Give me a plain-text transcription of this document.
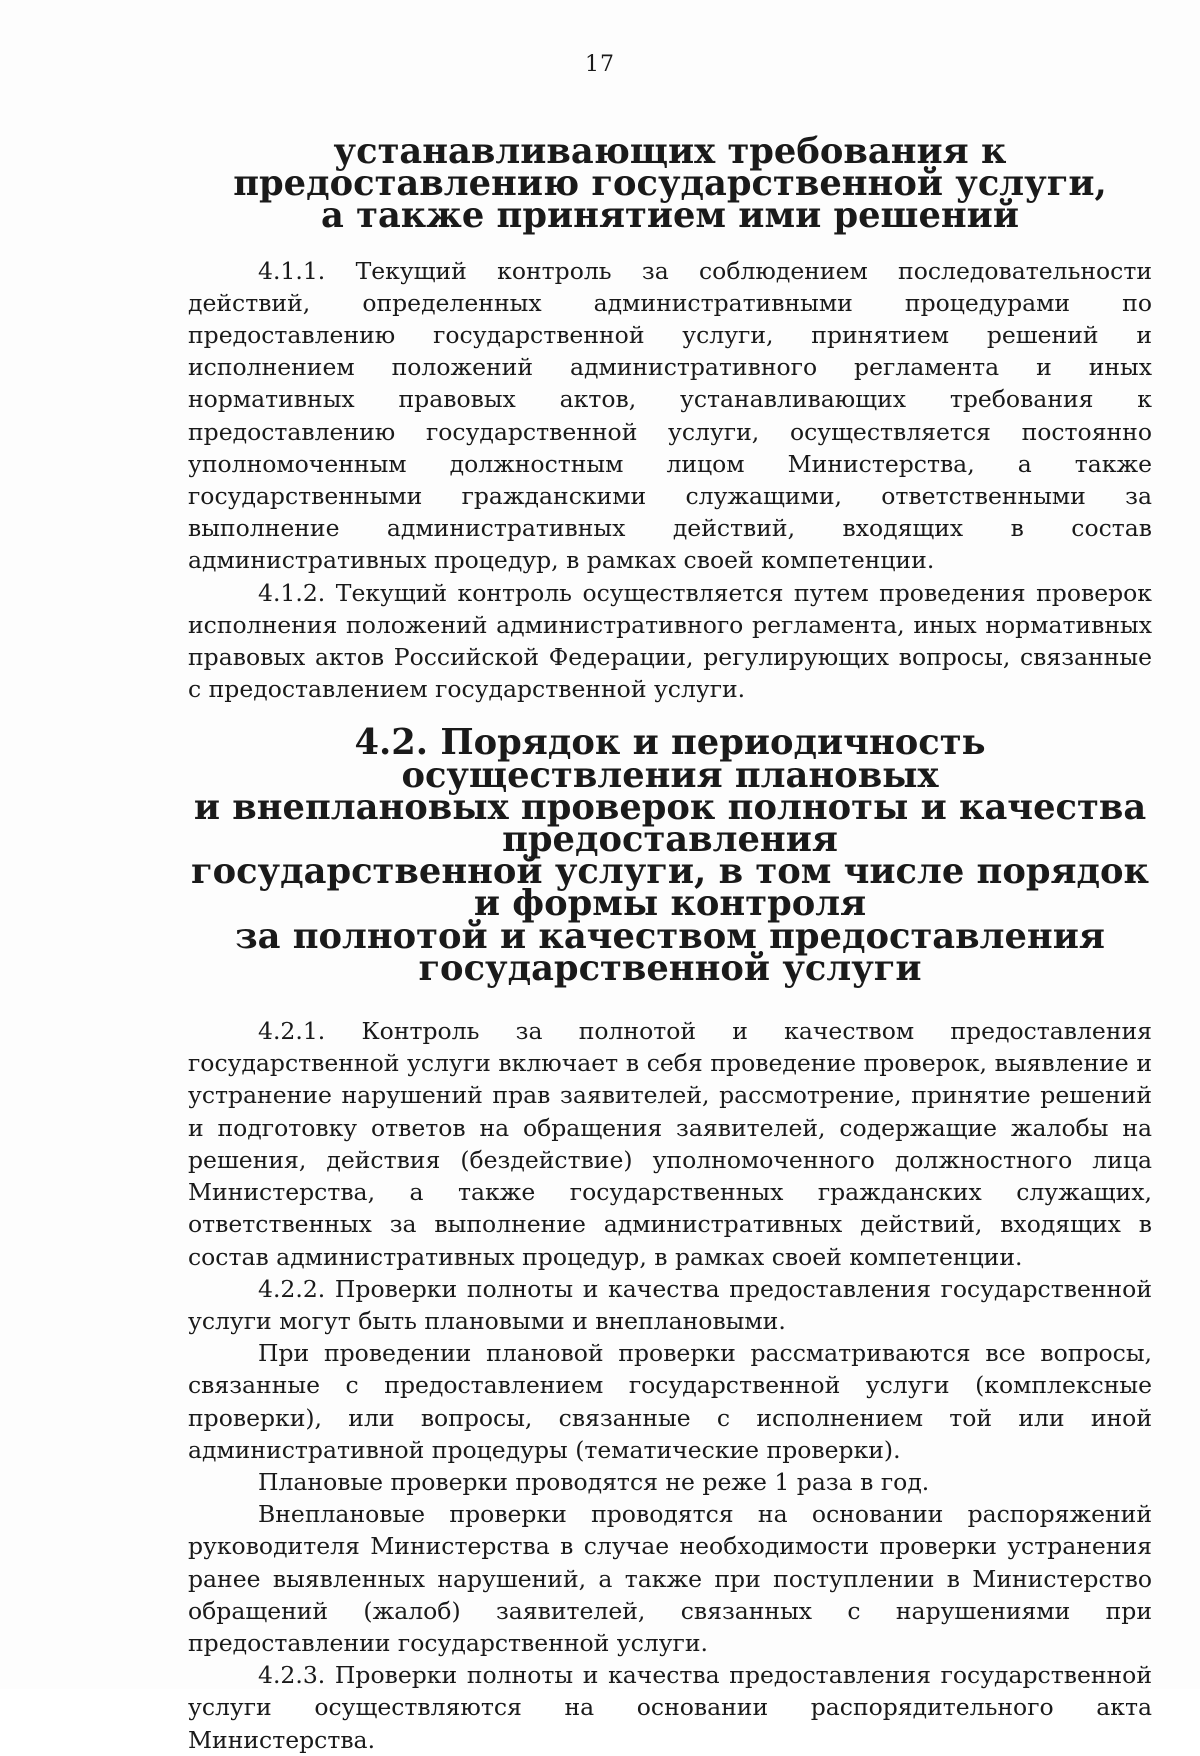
17
устанавливающих требования к предоставлению государственной услуги,
а также принятием ими решений

4.1.1. Текущий контроль за соблюдением последовательности действий, определенных административными процедурами по предоставлению государственной услуги, принятием решений и исполнением положений административного регламента и иных нормативных правовых актов, устанавливающих требования к предоставлению государственной услуги, осуществляется постоянно уполномоченным должностным лицом Министерства, а также государственными гражданскими служащими, ответственными за выполнение административных действий, входящих в состав административных процедур, в рамках своей компетенции.

4.1.2. Текущий контроль осуществляется путем проведения проверок исполнения положений административного регламента, иных нормативных правовых актов Российской Федерации, регулирующих вопросы, связанные с предоставлением государственной услуги.

4.2. Порядок и периодичность осуществления плановых
и внеплановых проверок полноты и качества предоставления
государственной услуги, в том числе порядок и формы контроля
за полнотой и качеством предоставления государственной услуги

4.2.1. Контроль за полнотой и качеством предоставления государственной услуги включает в себя проведение проверок, выявление и устранение нарушений прав заявителей, рассмотрение, принятие решений и подготовку ответов на обращения заявителей, содержащие жалобы на решения, действия (бездействие) уполномоченного должностного лица Министерства, а также государственных гражданских служащих, ответственных за выполнение административных действий, входящих в состав административных процедур, в рамках своей компетенции.

4.2.2. Проверки полноты и качества предоставления государственной услуги могут быть плановыми и внеплановыми.

При проведении плановой проверки рассматриваются все вопросы, связанные с предоставлением государственной услуги (комплексные проверки), или вопросы, связанные с исполнением той или иной административной процедуры (тематические проверки).

Плановые проверки проводятся не реже 1 раза в год.

Внеплановые проверки проводятся на основании распоряжений руководителя Министерства в случае необходимости проверки устранения ранее выявленных нарушений, а также при поступлении в Министерство обращений (жалоб) заявителей, связанных с нарушениями при предоставлении государственной услуги.

4.2.3. Проверки полноты и качества предоставления государственной услуги осуществляются на основании распорядительного акта Министерства.
